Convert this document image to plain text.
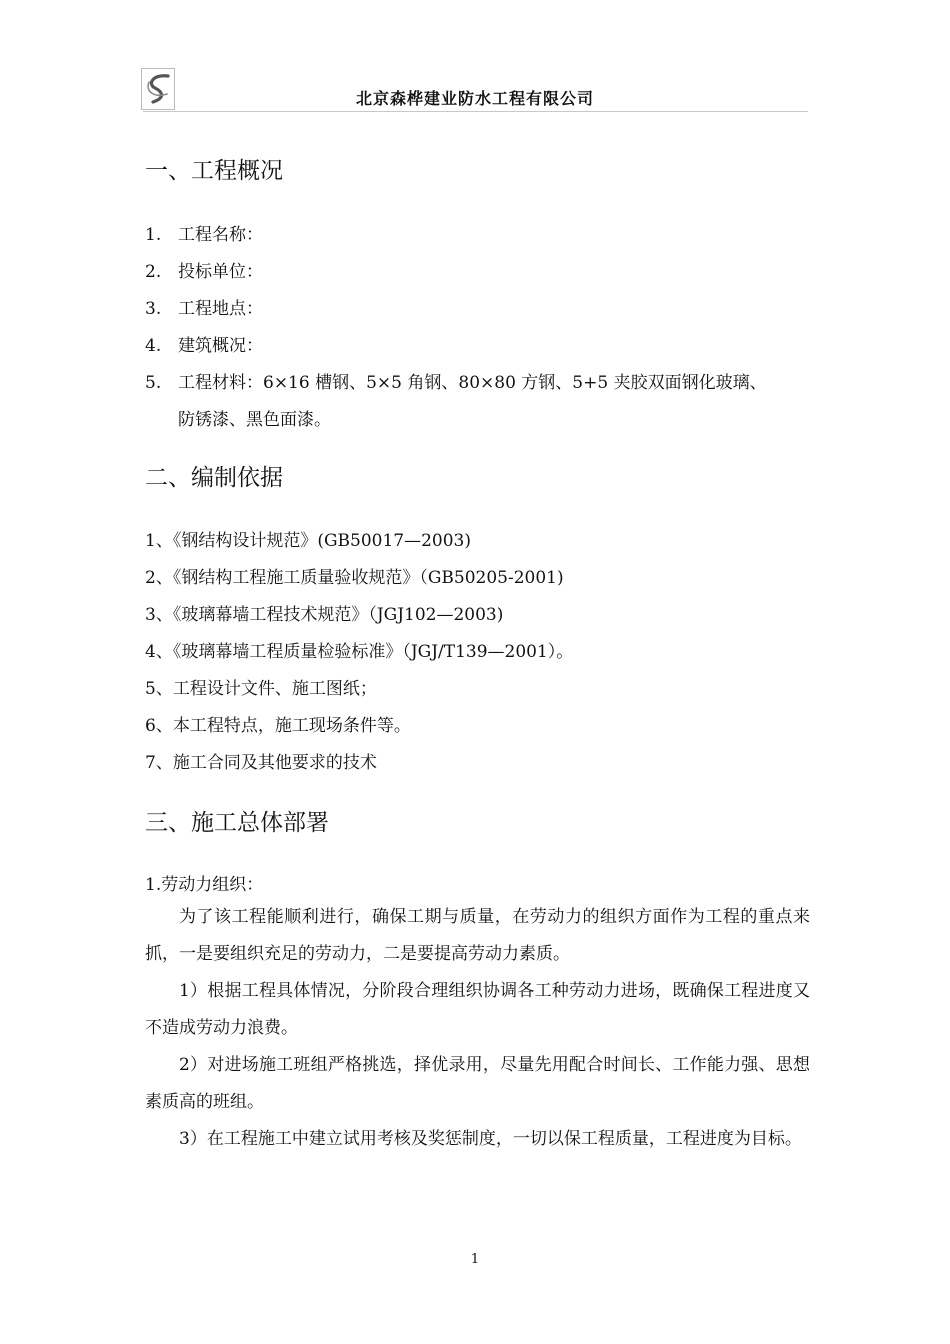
北京森桦建业防水工程有限公司
一、工程概况
1. 工程名称：
2. 投标单位：
3. 工程地点：
4. 建筑概况：
5. 工程材料：6×16 槽钢、5×5 角钢、80×80 方钢、5+5 夹胶双面钢化玻璃、
防锈漆、黑色面漆。
二、编制依据
1、《钢结构设计规范》(GB50017—2003)
2、《钢结构工程施工质量验收规范》（GB50205-2001)
3、《玻璃幕墙工程技术规范》（JGJ102—2003)
4、《玻璃幕墙工程质量检验标准》（JGJ/T139—2001）。
5、工程设计文件、施工图纸；
6、本工程特点，施工现场条件等。
7、施工合同及其他要求的技术
三、施工总体部署
1.劳动力组织：

为了该工程能顺利进行，确保工期与质量，在劳动力的组织方面作为工程的重点来抓，一是要组织充足的劳动力，二是要提高劳动力素质。

1）根据工程具体情况，分阶段合理组织协调各工种劳动力进场，既确保工程进度又不造成劳动力浪费。

2）对进场施工班组严格挑选，择优录用，尽量先用配合时间长、工作能力强、思想素质高的班组。

3）在工程施工中建立试用考核及奖惩制度，一切以保工程质量，工程进度为目标。

1
